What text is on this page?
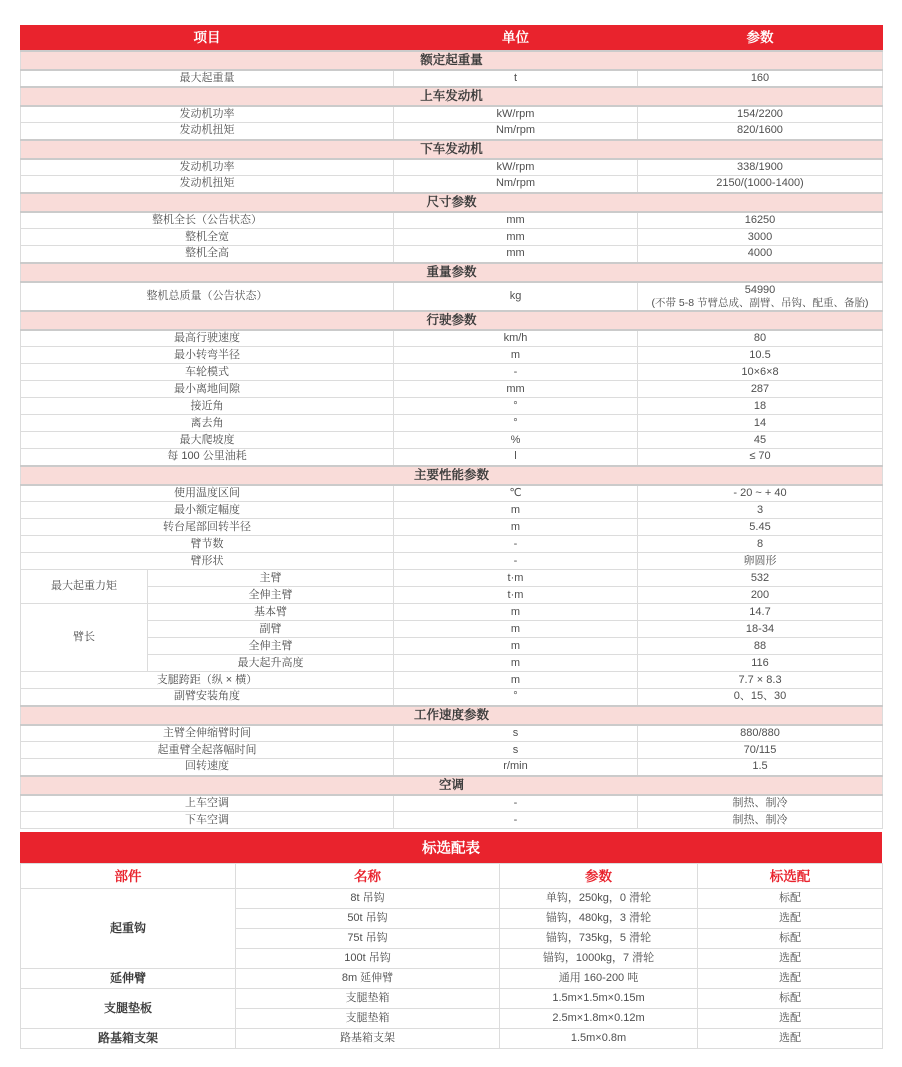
项目		单位	参数
额定起重量			
最大起重量		t	160
上车发动机			
发动机功率		kW/rpm	154/2200
发动机扭矩		Nm/rpm	820/1600
下车发动机			
发动机功率		kW/rpm	338/1900
发动机扭矩		Nm/rpm	2150/(1000-1400)
尺寸参数			
整机全长（公告状态）		mm	16250
整机全宽		mm	3000
整机全高		mm	4000
重量参数			
整机总质量（公告状态）		kg	54990
(不带 5-8 节臂总成、副臂、吊钩、配重、备胎)

行驶参数			
最高行驶速度		km/h	80
最小转弯半径		m	10.5
车轮模式		-	10×6×8
最小离地间隙		mm	287
接近角		°	18
离去角		°	14
最大爬坡度		%	45
每 100 公里油耗		l	≤ 70
主要性能参数			
使用温度区间		℃	- 20 ~ + 40
最小额定幅度		m	3
转台尾部回转半径		m	5.45
臂节数		-	8
臂形状		-	卵圆形
最大起重力矩	主臂	t·m	532
	全伸主臂	t·m	200
臂长	基本臂	m	14.7
	副臂	m	18-34
	全伸主臂	m	88
	最大起升高度	m	116
支腿跨距（纵 × 横）		m	7.7 × 8.3
副臂安装角度		°	0、15、30
工作速度参数			
主臂全伸缩臂时间		s	880/880
起重臂全起落幅时间		s	70/115
回转速度		r/min	1.5
空调			
上车空调		-	制热、制冷
下车空调		-	制热、制冷
标选配表
部件	名称	参数	标选配
起重钩	8t 吊钩	单钩，250kg，0 滑轮	标配
	50t 吊钩	锚钩，480kg，3 滑轮	选配
	75t 吊钩	锚钩，735kg，5 滑轮	标配
	100t 吊钩	锚钩，1000kg，7 滑轮	选配
延伸臂	8m 延伸臂	通用 160-200 吨	选配
支腿垫板	支腿垫箱	1.5m×1.5m×0.15m	标配
	支腿垫箱	2.5m×1.8m×0.12m	选配
路基箱支架	路基箱支架	1.5m×0.8m	选配
